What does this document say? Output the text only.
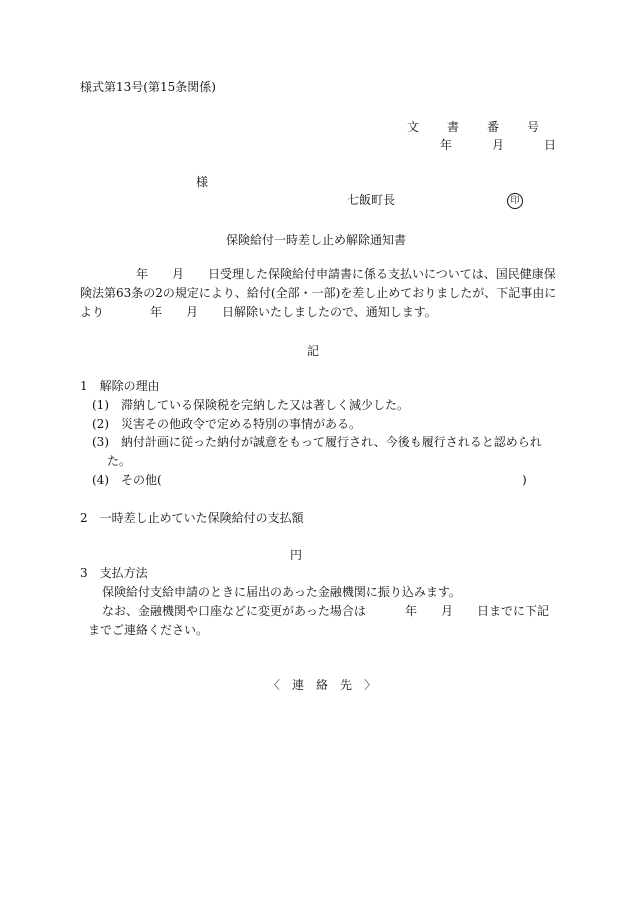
様式第13号(第15条関係)
文　書　番　号
年　月　日
様
七飯町長	印
保険給付一時差し止め解除通知書
年　　月　　日受理した保険給付申請書に係る支払いについては、国民健康保
険法第63条の2の規定により、給付(全部・一部)を差し止めておりましたが、下記事由に
より	年　　月　　日解除いたしましたので、通知します。
記
1　解除の理由
(1)　滞納している保険税を完納した又は著しく減少した。
(2)　災害その他政令で定める特別の事情がある。
(3)　納付計画に従った納付が誠意をもって履行され、今後も履行されると認められ
た。
(4)　その他(	)
2　一時差し止めていた保険給付の支払額
円
3　支払方法
保険給付支給申請のときに届出のあった金融機関に振り込みます。
なお、金融機関や口座などに変更があった場合は	年　　月　　日までに下記
までご連絡ください。
〈　連　絡　先　〉
